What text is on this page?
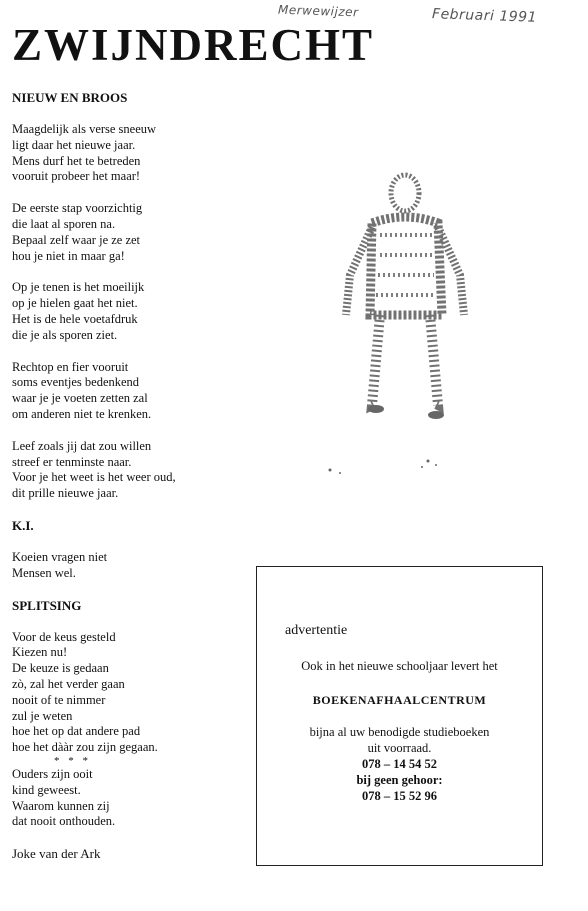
Merwewijzer	Februari 1991
ZWIJNDRECHT
NIEUW EN BROOS
Maagdelijk als verse sneeuw
ligt daar het nieuwe jaar.
Mens durf het te betreden
vooruit probeer het maar!
De eerste stap voorzichtig
die laat al sporen na.
Bepaal zelf waar je ze zet
hou je niet in maar ga!
Op je tenen is het moeilijk
op je hielen gaat het niet.
Het is de hele voetafdruk
die je als sporen ziet.
Rechtop en fier vooruit
soms eventjes bedenkend
waar je je voeten zetten zal
om anderen niet te krenken.
Leef zoals jij dat zou willen
streef er tenminste naar.
Voor je het weet is het weer oud,
dit prille nieuwe jaar.
K.I.
Koeien vragen niet
Mensen wel.
SPLITSING
Voor de keus gesteld
Kiezen nu!
De keuze is gedaan
zò, zal het verder gaan
nooit of te nimmer
zul je weten
hoe het op dat andere pad
hoe het dààr zou zijn gegaan.
* * *
Ouders zijn ooit
kind geweest.
Waarom kunnen zij
dat nooit onthouden.
Joke van der Ark
advertentie
Ook in het nieuwe schooljaar levert het
BOEKENAFHAALCENTRUM
bijna al uw benodigde studieboeken
uit voorraad.
078 – 14 54 52
bij geen gehoor:
078 – 15 52 96
